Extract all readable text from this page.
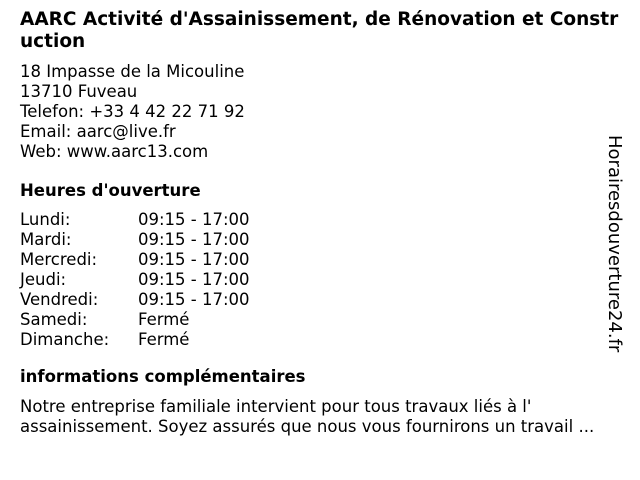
AARC Activité d'Assainissement, de Rénovation et Construction
18 Impasse de la Micouline
13710 Fuveau
Telefon: +33 4 42 22 71 92
Email: aarc@live.fr
Web: www.aarc13.com
Heures d'ouverture
Lundi:	09:15 - 17:00
Mardi:	09:15 - 17:00
Mercredi:	09:15 - 17:00
Jeudi:	09:15 - 17:00
Vendredi:	09:15 - 17:00
Samedi:	Fermé
Dimanche:	Fermé
informations complémentaires
Notre entreprise familiale intervient pour tous travaux liés à l'
assainissement. Soyez assurés que nous vous fournirons un travail ...
Horairesdouverture24.fr
